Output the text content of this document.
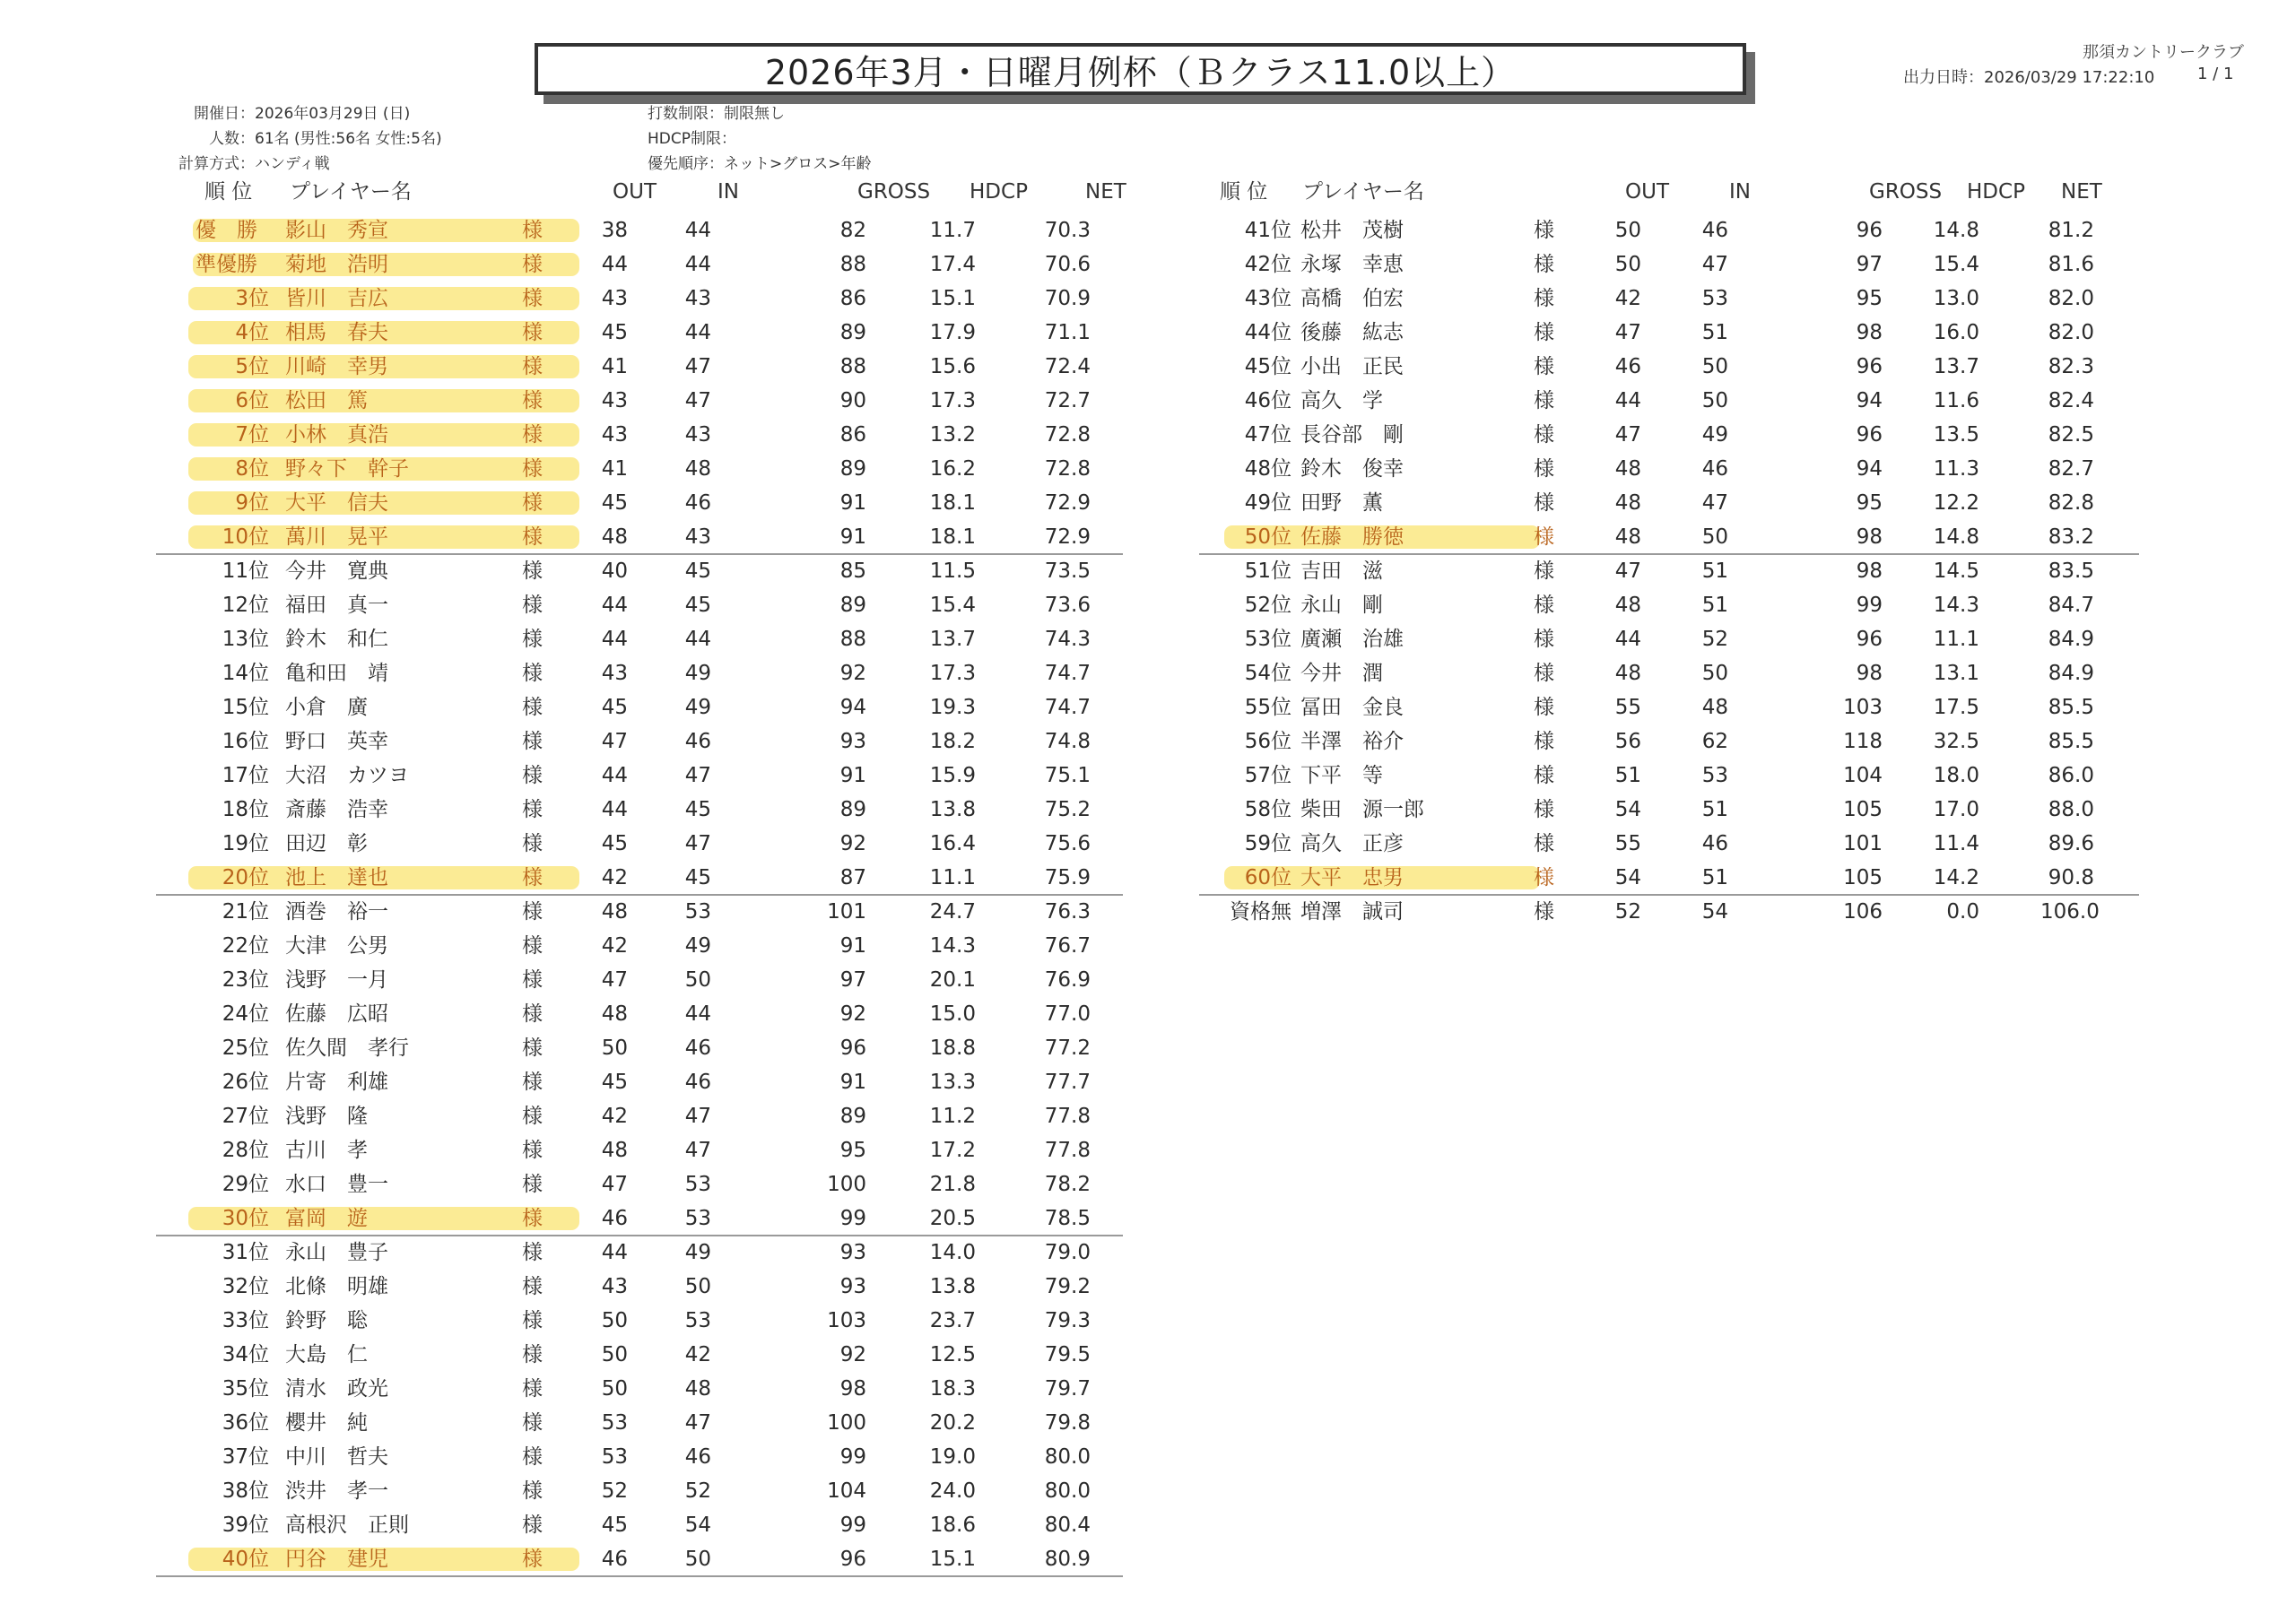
那須カントリークラブ
2026年3月・日曜月例杯（Ｂクラス11.0以上）	出力日時：2026/03/29 17:22:10	1 / 1
開催日：2026年03月29日 (日)
人数：61名 (男性:56名 女性:5名)
計算方式：ハンディ戦
打数制限：制限無し
HDCP制限：
優先順序：ネット>グロス>年齢
順 位 プレイヤー名	OUT	IN	GROSS HDCP	NET	順 位 プレイヤー名	OUT	IN	GROSS HDCP NET
優　勝 影山　秀宣	様	38	44	82	11.7	70.3
準優勝 菊地　浩明	様	44	44	88	17.4	70.6
3位 皆川　吉広	様	43	43	86	15.1	70.9
4位 相馬　春夫	様	45	44	89	17.9	71.1
5位 川崎　幸男	様	41	47	88	15.6	72.4
6位 松田　篤	様	43	47	90	17.3	72.7
7位 小林　真浩	様	43	43	86	13.2	72.8
8位 野々下　幹子	様	41	48	89	16.2	72.8
9位 大平　信夫	様	45	46	91	18.1	72.9
10位 萬川　晃平	様	48	43	91	18.1	72.9
11位 今井　寛典	様	40	45	85	11.5	73.5
12位 福田　真一	様	44	45	89	15.4	73.6
13位 鈴木　和仁	様	44	44	88	13.7	74.3
14位 亀和田　靖	様	43	49	92	17.3	74.7
15位 小倉　廣	様	45	49	94	19.3	74.7
16位 野口　英幸	様	47	46	93	18.2	74.8
17位 大沼　カツヨ	様	44	47	91	15.9	75.1
18位 斎藤　浩幸	様	44	45	89	13.8	75.2
19位 田辺　彰	様	45	47	92	16.4	75.6
20位 池上　達也	様	42	45	87	11.1	75.9
21位 酒巻　裕一	様	48	53	101	24.7	76.3
22位 大津　公男	様	42	49	91	14.3	76.7
23位 浅野　一月	様	47	50	97	20.1	76.9
24位 佐藤　広昭	様	48	44	92	15.0	77.0
25位 佐久間　孝行	様	50	46	96	18.8	77.2
26位 片寄　利雄	様	45	46	91	13.3	77.7
27位 浅野　隆	様	42	47	89	11.2	77.8
28位 古川　孝	様	48	47	95	17.2	77.8
29位 水口　豊一	様	47	53	100	21.8	78.2
30位 富岡　遊	様	46	53	99	20.5	78.5
31位 永山　豊子	様	44	49	93	14.0	79.0
32位 北條　明雄	様	43	50	93	13.8	79.2
33位 鈴野　聡	様	50	53	103	23.7	79.3
34位 大島　仁	様	50	42	92	12.5	79.5
35位 清水　政光	様	50	48	98	18.3	79.7
36位 櫻井　純	様	53	47	100	20.2	79.8
37位 中川　哲夫	様	53	46	99	19.0	80.0
38位 渋井　孝一	様	52	52	104	24.0	80.0
39位 高根沢　正則	様	45	54	99	18.6	80.4
40位 円谷　建児	様	46	50	96	15.1	80.9
41位 松井　茂樹	様	50	46	96	14.8	81.2
42位 永塚　幸恵	様	50	47	97	15.4	81.6
43位 高橋　伯宏	様	42	53	95	13.0	82.0
44位 後藤　紘志	様	47	51	98	16.0	82.0
45位 小出　正民	様	46	50	96	13.7	82.3
46位 高久　学	様	44	50	94	11.6	82.4
47位 長谷部　剛	様	47	49	96	13.5	82.5
48位 鈴木　俊幸	様	48	46	94	11.3	82.7
49位 田野　薫	様	48	47	95	12.2	82.8
50位 佐藤　勝徳	様	48	50	98	14.8	83.2
51位 吉田　滋	様	47	51	98	14.5	83.5
52位 永山　剛	様	48	51	99	14.3	84.7
53位 廣瀬　治雄	様	44	52	96	11.1	84.9
54位 今井　潤	様	48	50	98	13.1	84.9
55位 冨田　金良	様	55	48	103	17.5	85.5
56位 半澤　裕介	様	56	62	118	32.5	85.5
57位 下平　等	様	51	53	104	18.0	86.0
58位 柴田　源一郎	様	54	51	105	17.0	88.0
59位 高久　正彦	様	55	46	101	11.4	89.6
60位 大平　忠男	様	54	51	105	14.2	90.8
資格無 増澤　誠司	様	52	54	106	0.0	106.0
